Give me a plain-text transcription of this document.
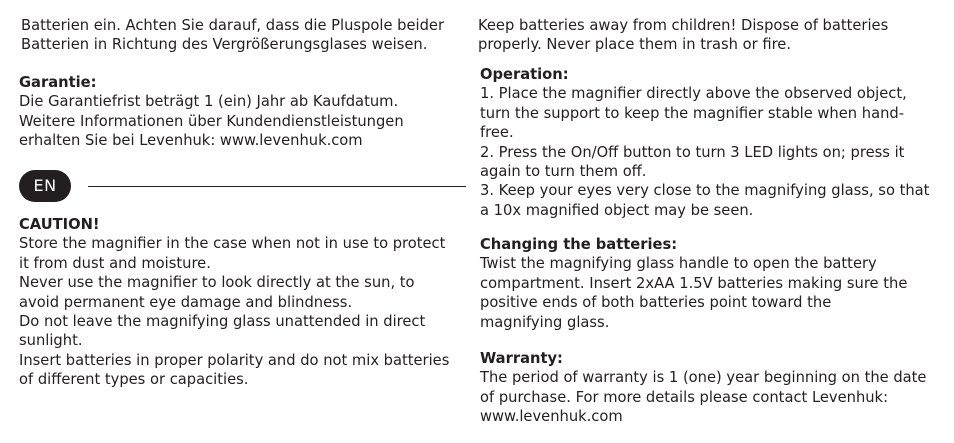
Batterien ein. Achten Sie darauf, dass die Pluspole beider

Batterien in Richtung des Vergrößerungsglases weisen.

Garantie:

Die Garantiefrist beträgt 1 (ein) Jahr ab Kaufdatum.

Weitere Informationen über Kundendienstleistungen

erhalten Sie bei Levenhuk: www.levenhuk.com

EN

CAUTION!

Store the magnifier in the case when not in use to protect

it from dust and moisture.

Never use the magnifier to look directly at the sun, to

avoid permanent eye damage and blindness.

Do not leave the magnifying glass unattended in direct

sunlight.

Insert batteries in proper polarity and do not mix batteries

of different types or capacities.

Keep batteries away from children! Dispose of batteries

properly. Never place them in trash or fire.

Operation:

1. Place the magnifier directly above the observed object,

turn the support to keep the magnifier stable when hand-

free.

2. Press the On/Off button to turn 3 LED lights on; press it

again to turn them off.

3. Keep your eyes very close to the magnifying glass, so that

a 10x magnified object may be seen.

Changing the batteries:

Twist the magnifying glass handle to open the battery

compartment. Insert 2xAA 1.5V batteries making sure the

positive ends of both batteries point toward the

magnifying glass.

Warranty:

The period of warranty is 1 (one) year beginning on the date

of purchase. For more details please contact Levenhuk:

www.levenhuk.com
